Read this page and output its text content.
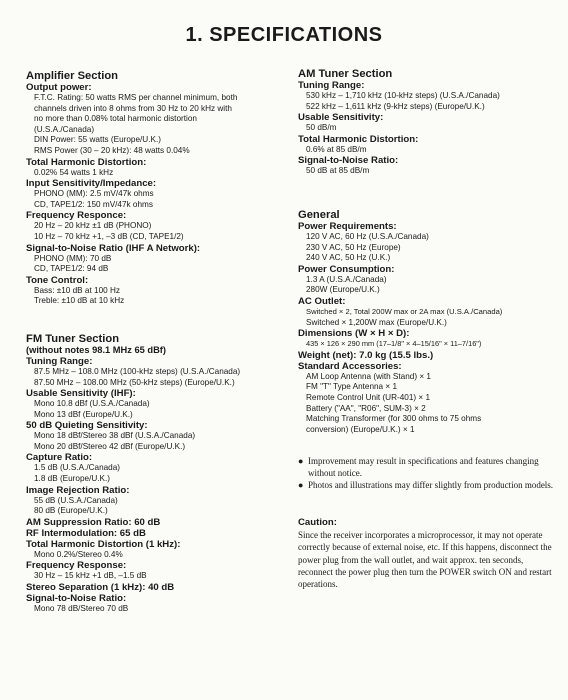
1. SPECIFICATIONS
Amplifier Section
Output power:
F.T.C. Rating: 50 watts RMS per channel minimum, both
channels driven into 8 ohms from 30 Hz to 20 kHz with
no more than 0.08% total harmonic distortion
(U.S.A./Canada)
DIN Power: 55 watts (Europe/U.K.)
RMS Power (30 – 20 kHz): 48 watts 0.04%
Total Harmonic Distortion:
0.02% 54 watts 1 kHz
Input Sensitivity/Impedance:
PHONO (MM): 2.5 mV/47k ohms
CD, TAPE1/2: 150 mV/47k ohms
Frequency Responce:
20 Hz – 20 kHz ±1 dB (PHONO)
10 Hz – 70 kHz +1, –3 dB (CD, TAPE1/2)
Signal-to-Noise Ratio (IHF A Network):
PHONO (MM): 70 dB
CD, TAPE1/2: 94 dB
Tone Control:
Bass: ±10 dB at 100 Hz
Treble: ±10 dB at 10 kHz
FM Tuner Section
(without notes 98.1 MHz 65 dBf)
Tuning Range:
87.5 MHz – 108.0 MHz (100-kHz steps) (U.S.A./Canada)
87.50 MHz – 108.00 MHz (50-kHz steps) (Europe/U.K.)
Usable Sensitivity (IHF):
Mono 10.8 dBf (U.S.A./Canada)
Mono 13 dBf (Europe/U.K.)
50 dB Quieting Sensitivity:
Mono 18 dBf/Stereo 38 dBf (U.S.A./Canada)
Mono 20 dBf/Stereo 42 dBf (Europe/U.K.)
Capture Ratio:
1.5 dB (U.S.A./Canada)
1.8 dB (Europe/U.K.)
Image Rejection Ratio:
55 dB (U.S.A./Canada)
80 dB (Europe/U.K.)
AM Suppression Ratio: 60 dB
RF Intermodulation: 65 dB
Total Harmonic Distortion (1 kHz):
Mono 0.2%/Stereo 0.4%
Frequency Response:
30 Hz – 15 kHz +1 dB, –1.5 dB
Stereo Separation (1 kHz): 40 dB
Signal-to-Noise Ratio:
Mono 78 dB/Stereo 70 dB
AM Tuner Section
Tuning Range:
530 kHz – 1,710 kHz (10-kHz steps) (U.S.A./Canada)
522 kHz – 1,611 kHz (9-kHz steps) (Europe/U.K.)
Usable Sensitivity:
50 dB/m
Total Harmonic Distortion:
0.6% at 85 dB/m
Signal-to-Noise Ratio:
50 dB at 85 dB/m
General
Power Requirements:
120 V AC, 60 Hz (U.S.A./Canada)
230 V AC, 50 Hz (Europe)
240 V AC, 50 Hz (U.K.)
Power Consumption:
1.3 A (U.S.A./Canada)
280W (Europe/U.K.)
AC Outlet:
Switched × 2, Total 200W max or 2A max (U.S.A./Canada)
Switched × 1,200W max (Europe/U.K.)
Dimensions (W × H × D):
435 × 126 × 290 mm (17–1/8" × 4–15/16" × 11–7/16")
Weight (net): 7.0 kg (15.5 lbs.)
Standard Accessories:
AM Loop Antenna (with Stand) × 1
FM "T" Type Antenna × 1
Remote Control Unit (UR-401) × 1
Battery ("AA", "R06", SUM-3) × 2
Matching Transformer (for 300 ohms to 75 ohms
conversion) (Europe/U.K.) × 1
● Improvement may result in specifications and features changing without notice.
● Photos and illustrations may differ slightly from production models.
Caution:
Since the receiver incorporates a microprocessor, it may not operate correctly because of external noise, etc. If this happens, disconnect the power plug from the wall outlet, and wait approx. ten seconds, reconnect the power plug then turn the POWER switch ON and restart operations.
